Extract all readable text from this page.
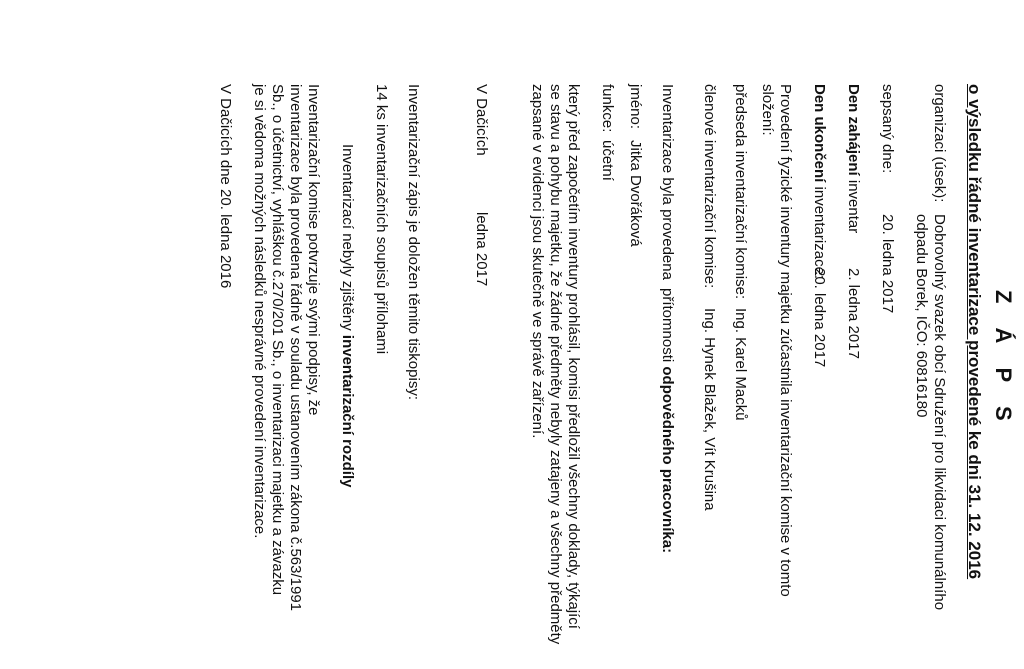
Z Á P S
o výsledku řádné inventarizace provedené ke dni 31. 12. 2016
organizaci (úsek):
Dobrovolný svazek obcí Sdružení pro likvidaci komunálního
odpadu Borek, IČO: 60816180
sepsaný dne:
20. ledna 2017
Den zahájení inventar
2. ledna 2017
Den ukončení inventarizace:
20. ledna 2017
Provedení fyzické inventury majetku zúčastnila inventarizační komise v tomto
složení:
předseda inventarizační komise:
Ing. Karel Macků
členové inventarizační komise:
Ing. Hynek Blažek, Vít Krušina
Inventarizace byla provedena
přítomnosti odpovědného pracovníka:
jméno:
Jitka Dvořáková
funkce:
účetní
který před započetím inventury prohlásil, komisi předložil všechny doklady, týkající
se stavu a pohybu majetku, že žádné předměty nebyly zatajeny a všechny předměty
zapsané v evidenci jsou skutečně ve správě zařízení.
V Dačicích
ledna 2017
Inventarizační zápis je doložen těmito tiskopisy:
14 ks inventarizačních soupisů přílohami
Inventarizací nebyly zjištěny inventarizační rozdíly
Inventarizační komise potvrzuje svými podpisy, že
inventarizace byla provedena řádně v souladu ustanovením zákona č.563/1991
Sb., o účetnictví, vyhláškou č.270/201 Sb., o inventarizaci majetku a závazku
je si vědoma možných následků nesprávné provedení inventarizace.
V Dačicích dne 20. ledna 2016
